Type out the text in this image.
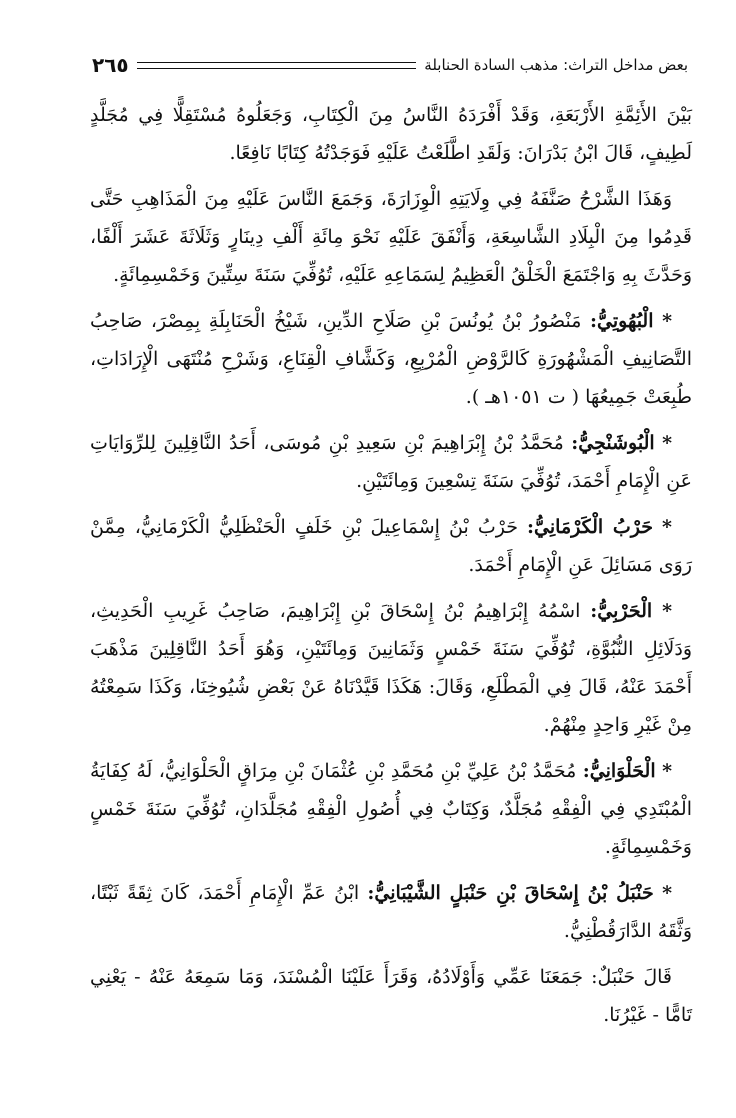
بعض مداخل التراث: مذهب السادة الحنابلة
٢٦٥

بَيْنَ الأَئِمَّةِ الأَرْبَعَةِ، وَقَدْ أَفْرَدَهُ النَّاسُ مِنَ الْكِتَابِ، وَجَعَلُوهُ مُسْتَقِلًّا فِي مُجَلَّدٍ لَطِيفٍ، قَالَ ابْنُ بَدْرَانَ: وَلَقَدِ اطَّلَعْتُ عَلَيْهِ فَوَجَدْتُهُ كِتَابًا نَافِعًا.

وَهَذَا الشَّرْحُ صَنَّفَهُ فِي وِلَايَتِهِ الْوِزَارَةَ، وَجَمَعَ النَّاسَ عَلَيْهِ مِنَ الْمَذَاهِبِ حَتَّى قَدِمُوا مِنَ الْبِلَادِ الشَّاسِعَةِ، وَأَنْفَقَ عَلَيْهِ نَحْوَ مِائَةِ أَلْفِ دِينَارٍ وَثَلَاثَةَ عَشَرَ أَلْفًا، وَحَدَّثَ بِهِ وَاجْتَمَعَ الْخَلْقُ الْعَظِيمُ لِسَمَاعِهِ عَلَيْهِ، تُوُفِّيَ سَنَةَ سِتِّينَ وَخَمْسِمِائَةٍ.

* الْبُهُوتِيُّ: مَنْصُورُ بْنُ يُونُسَ بْنِ صَلَاحِ الدِّينِ، شَيْخُ الْحَنَابِلَةِ بِمِصْرَ، صَاحِبُ التَّصَانِيفِ الْمَشْهُورَةِ كَالرَّوْضِ الْمُرْبِعِ، وَكَشَّافِ الْقِنَاعِ، وَشَرْحِ مُنْتَهَى الْإِرَادَاتِ، طُبِعَتْ جَمِيعُهَا ( ت ١٠٥١هـ ).

* الْبُوشَنْجِيُّ: مُحَمَّدُ بْنُ إِبْرَاهِيمَ بْنِ سَعِيدِ بْنِ مُوسَى، أَحَدُ النَّاقِلِينَ لِلرِّوَايَاتِ عَنِ الْإِمَامِ أَحْمَدَ، تُوُفِّيَ سَنَةَ تِسْعِينَ وَمِائَتَيْنِ.

* حَرْبُ الْكَرْمَانِيُّ: حَرْبُ بْنُ إِسْمَاعِيلَ بْنِ خَلَفٍ الْحَنْظَلِيُّ الْكَرْمَانِيُّ، مِمَّنْ رَوَى مَسَائِلَ عَنِ الْإِمَامِ أَحْمَدَ.

* الْحَرْبِيُّ: اسْمُهُ إِبْرَاهِيمُ بْنُ إِسْحَاقَ بْنِ إِبْرَاهِيمَ، صَاحِبُ غَرِيبِ الْحَدِيثِ، وَدَلَائِلِ النُّبُوَّةِ، تُوُفِّيَ سَنَةَ خَمْسٍ وَثَمَانِينَ وَمِائَتَيْنِ، وَهُوَ أَحَدُ النَّاقِلِينَ مَذْهَبَ أَحْمَدَ عَنْهُ، قَالَ فِي الْمَطْلَعِ، وَقَالَ: هَكَذَا قَيَّدْنَاهُ عَنْ بَعْضِ شُيُوخِنَا، وَكَذَا سَمِعْتُهُ مِنْ غَيْرِ وَاحِدٍ مِنْهُمْ.

* الْحَلْوَانِيُّ: مُحَمَّدُ بْنُ عَلِيِّ بْنِ مُحَمَّدِ بْنِ عُثْمَانَ بْنِ مِرَاقٍ الْحَلْوَانِيُّ، لَهُ كِفَايَةُ الْمُبْتَدِي فِي الْفِقْهِ مُجَلَّدٌ، وَكِتَابٌ فِي أُصُولِ الْفِقْهِ مُجَلَّدَانِ، تُوُفِّيَ سَنَةَ خَمْسٍ وَخَمْسِمِائَةٍ.

* حَنْبَلُ بْنُ إِسْحَاقَ بْنِ حَنْبَلٍ الشَّيْبَانِيُّ: ابْنُ عَمِّ الْإِمَامِ أَحْمَدَ، كَانَ ثِقَةً ثَبْتًا، وَثَّقَهُ الدَّارَقُطْنِيُّ.

قَالَ حَنْبَلٌ: جَمَعَنَا عَمِّي وَأَوْلَادُهُ، وَقَرَأَ عَلَيْنَا الْمُسْنَدَ، وَمَا سَمِعَهُ عَنْهُ - يَعْنِي تَامًّا - غَيْرُنَا.
